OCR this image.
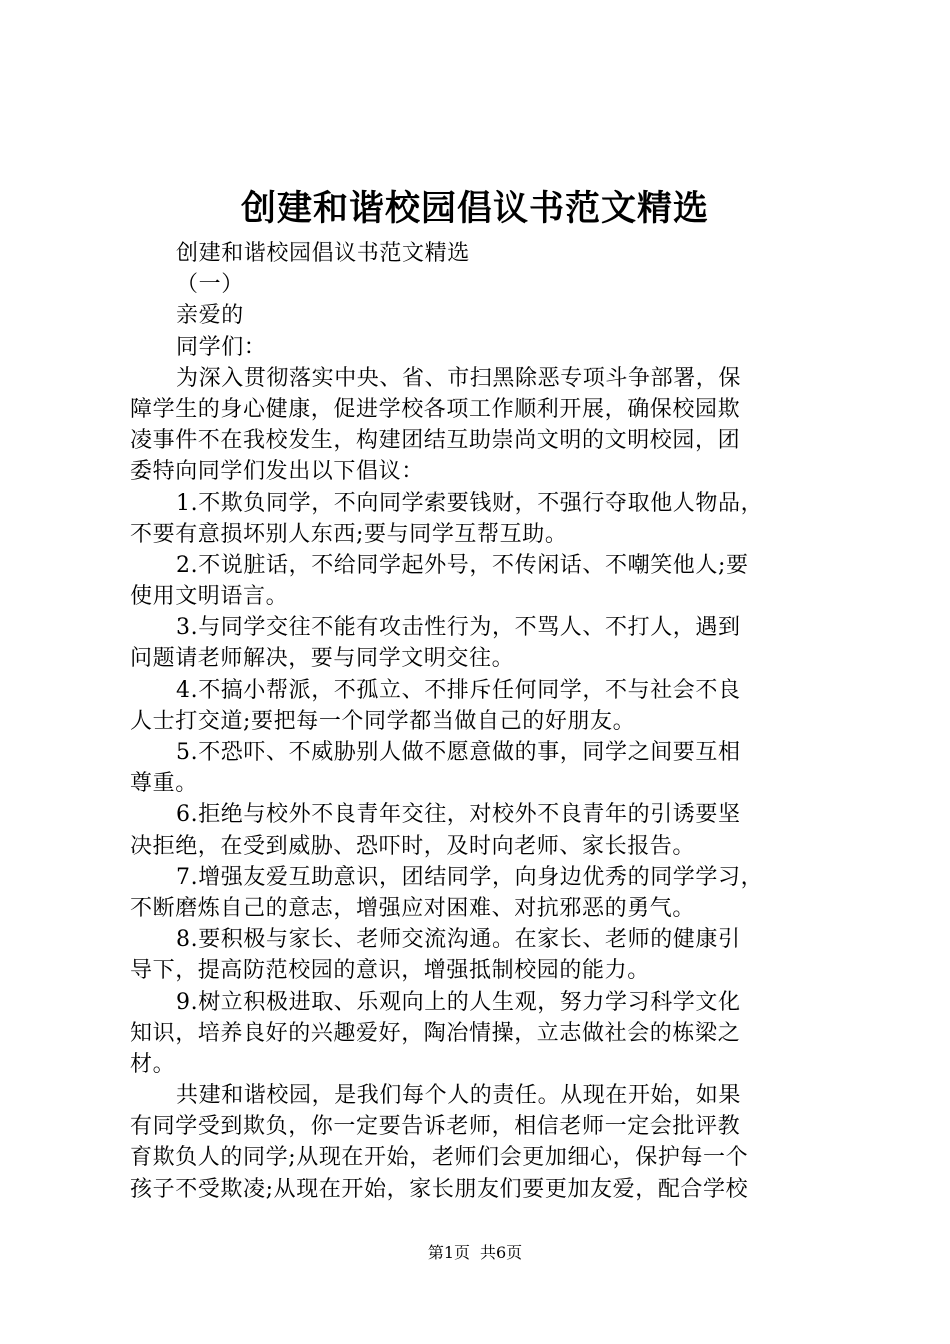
创建和谐校园倡议书范文精选
创建和谐校园倡议书范文精选
（一）
亲爱的
同学们：
为深入贯彻落实中央、省、市扫黑除恶专项斗争部署，保
障学生的身心健康，促进学校各项工作顺利开展，确保校园欺
凌事件不在我校发生，构建团结互助崇尚文明的文明校园，团
委特向同学们发出以下倡议：
1.不欺负同学，不向同学索要钱财，不强行夺取他人物品，
不要有意损坏别人东西;要与同学互帮互助。
2.不说脏话，不给同学起外号，不传闲话、不嘲笑他人;要
使用文明语言。
3.与同学交往不能有攻击性行为，不骂人、不打人，遇到
问题请老师解决，要与同学文明交往。
4.不搞小帮派，不孤立、不排斥任何同学，不与社会不良
人士打交道;要把每一个同学都当做自己的好朋友。
5.不恐吓、不威胁别人做不愿意做的事，同学之间要互相
尊重。
6.拒绝与校外不良青年交往，对校外不良青年的引诱要坚
决拒绝，在受到威胁、恐吓时，及时向老师、家长报告。
7.增强友爱互助意识，团结同学，向身边优秀的同学学习，
不断磨炼自己的意志，增强应对困难、对抗邪恶的勇气。
8.要积极与家长、老师交流沟通。在家长、老师的健康引
导下，提高防范校园的意识，增强抵制校园的能力。
9.树立积极进取、乐观向上的人生观，努力学习科学文化
知识，培养良好的兴趣爱好，陶冶情操，立志做社会的栋梁之
材。
共建和谐校园，是我们每个人的责任。从现在开始，如果
有同学受到欺负，你一定要告诉老师，相信老师一定会批评教
育欺负人的同学;从现在开始，老师们会更加细心，保护每一个
孩子不受欺凌;从现在开始，家长朋友们要更加友爱，配合学校
第1页 共6页
